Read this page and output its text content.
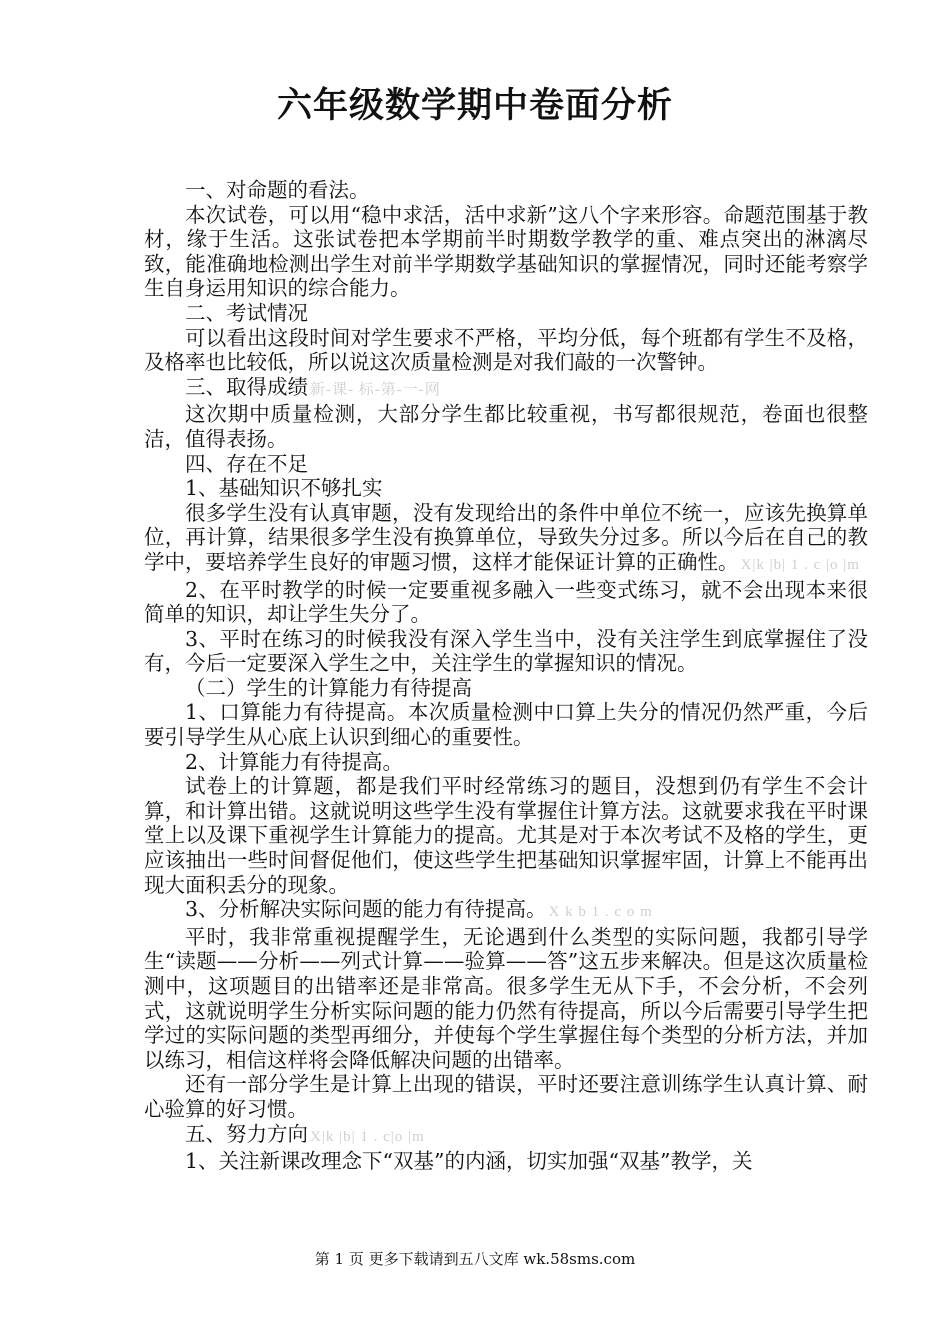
六年级数学期中卷面分析

一、对命题的看法。

本次试卷，可以用“稳中求活，活中求新”这八个字来形容。命题范围基于教材，缘于生活。这张试卷把本学期前半时期数学教学的重、难点突出的淋漓尽致，能准确地检测出学生对前半学期数学基础知识的掌握情况，同时还能考察学生自身运用知识的综合能力。

二、考试情况

可以看出这段时间对学生要求不严格，平均分低，每个班都有学生不及格，及格率也比较低，所以说这次质量检测是对我们敲的一次警钟。

三、取得成绩 新-课- 标-第-一-网

这次期中质量检测，大部分学生都比较重视，书写都很规范，卷面也很整洁，值得表扬。

四、存在不足

1、基础知识不够扎实

很多学生没有认真审题，没有发现给出的条件中单位不统一，应该先换算单位，再计算，结果很多学生没有换算单位，导致失分过多。所以今后在自己的教学中，要培养学生良好的审题习惯，这样才能保证计算的正确性。 X|k |b| 1 . c |o |m

2、在平时教学的时候一定要重视多融入一些变式练习，就不会出现本来很简单的知识，却让学生失分了。

3、平时在练习的时候我没有深入学生当中，没有关注学生到底掌握住了没有，今后一定要深入学生之中，关注学生的掌握知识的情况。

（二）学生的计算能力有待提高

1、口算能力有待提高。本次质量检测中口算上失分的情况仍然严重，今后要引导学生从心底上认识到细心的重要性。

2、计算能力有待提高。

试卷上的计算题，都是我们平时经常练习的题目，没想到仍有学生不会计算，和计算出错。这就说明这些学生没有掌握住计算方法。这就要求我在平时课堂上以及课下重视学生计算能力的提高。尤其是对于本次考试不及格的学生，更应该抽出一些时间督促他们，使这些学生把基础知识掌握牢固，计算上不能再出现大面积丢分的现象。

3、分析解决实际问题的能力有待提高。 X k b 1 . c o m

平时，我非常重视提醒学生，无论遇到什么类型的实际问题，我都引导学生“读题——分析——列式计算——验算——答”这五步来解决。但是这次质量检测中，这项题目的出错率还是非常高。很多学生无从下手，不会分析，不会列式，这就说明学生分析实际问题的能力仍然有待提高，所以今后需要引导学生把学过的实际问题的类型再细分，并使每个学生掌握住每个类型的分析方法，并加以练习，相信这样将会降低解决问题的出错率。

还有一部分学生是计算上出现的错误，平时还要注意训练学生认真计算、耐心验算的好习惯。

五、努力方向 X|k |b| 1 . c|o |m

1、关注新课改理念下“双基”的内涵，切实加强“双基”教学，关

第 1 页 更多下载请到五八文库 wk.58sms.com
